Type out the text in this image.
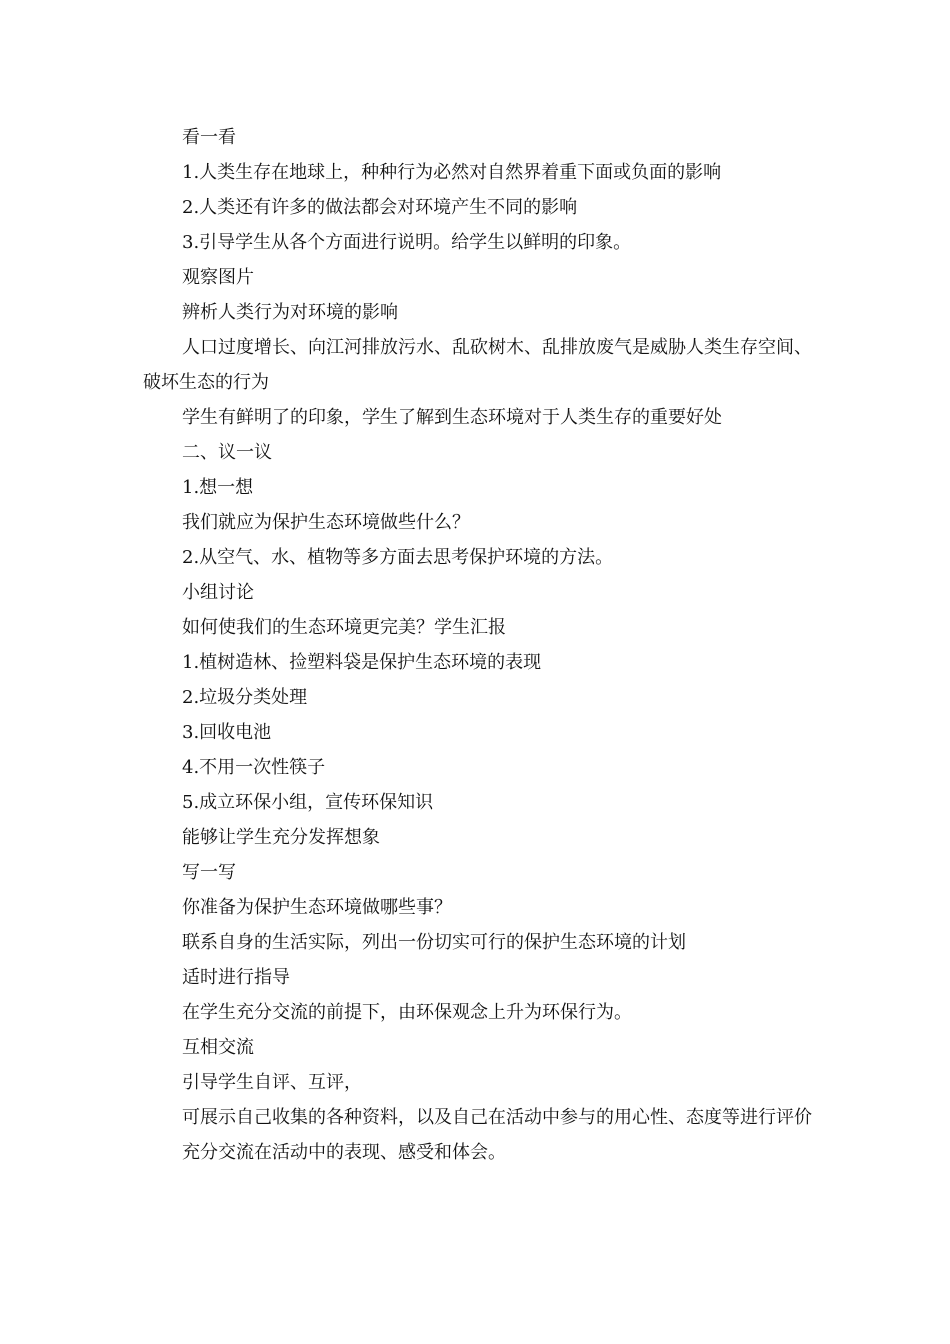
看一看

1.人类生存在地球上，种种行为必然对自然界着重下面或负面的影响

2.人类还有许多的做法都会对环境产生不同的影响

3.引导学生从各个方面进行说明。给学生以鲜明的印象。

观察图片

辨析人类行为对环境的影响

人口过度增长、向江河排放污水、乱砍树木、乱排放废气是威胁人类生存空间、破坏生态的行为

学生有鲜明了的印象，学生了解到生态环境对于人类生存的重要好处

二、议一议

1.想一想

我们就应为保护生态环境做些什么？

2.从空气、水、植物等多方面去思考保护环境的方法。

小组讨论

如何使我们的生态环境更完美？学生汇报

1.植树造林、捡塑料袋是保护生态环境的表现

2.垃圾分类处理

3.回收电池

4.不用一次性筷子

5.成立环保小组，宣传环保知识

能够让学生充分发挥想象

写一写

你准备为保护生态环境做哪些事？

联系自身的生活实际，列出一份切实可行的保护生态环境的计划

适时进行指导

在学生充分交流的前提下，由环保观念上升为环保行为。

互相交流

引导学生自评、互评，

可展示自己收集的各种资料，以及自己在活动中参与的用心性、态度等进行评价

充分交流在活动中的表现、感受和体会。
